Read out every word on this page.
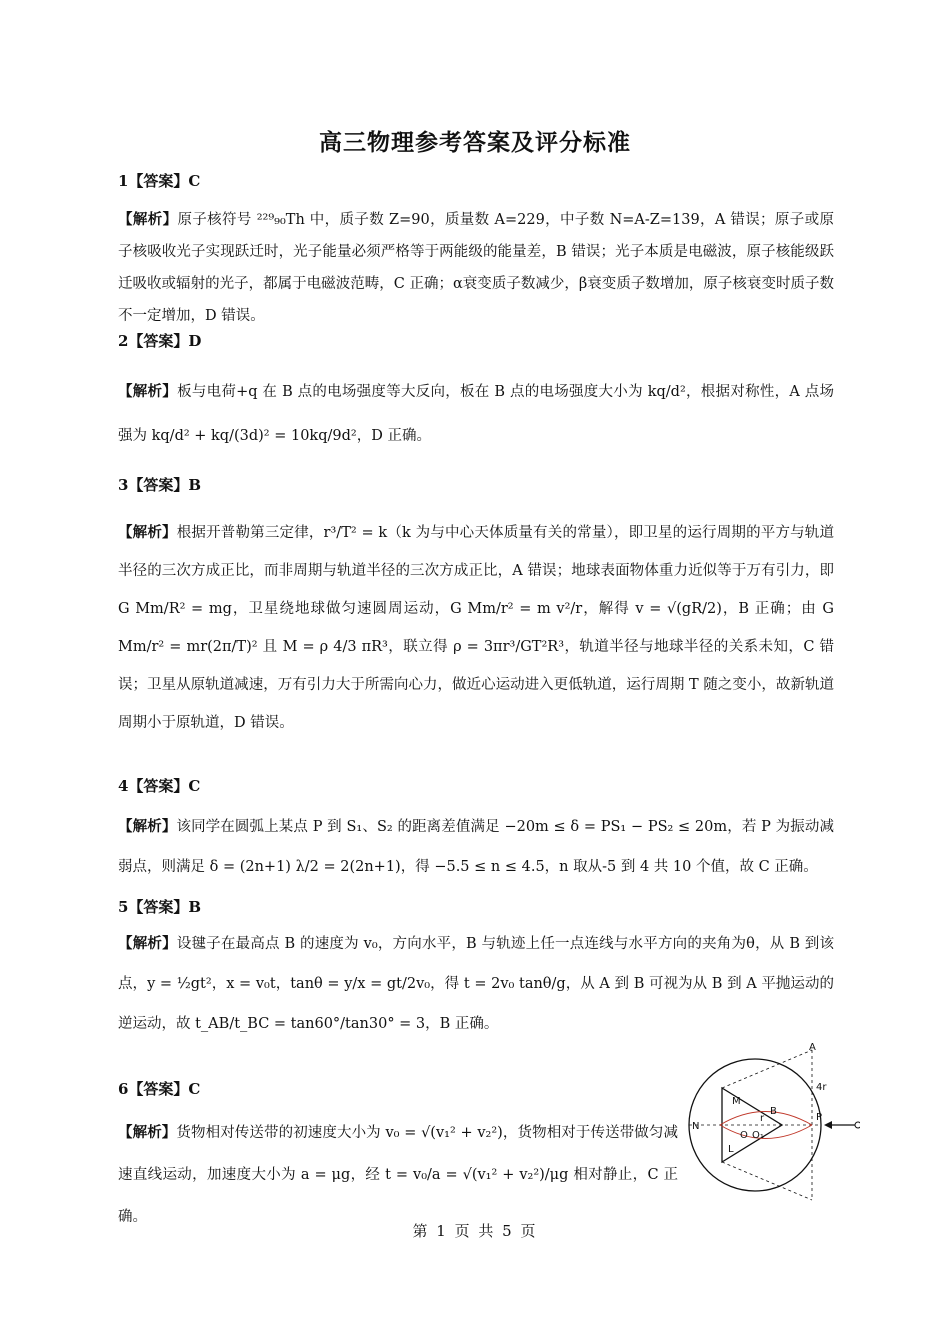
高三物理参考答案及评分标准
1【答案】C
【解析】原子核符号 ²²⁹₉₀Th 中，质子数 Z=90，质量数 A=229，中子数 N=A-Z=139，A 错误；原子或原子核吸收光子实现跃迁时，光子能量必须严格等于两能级的能量差，B 错误；光子本质是电磁波，原子核能级跃迁吸收或辐射的光子，都属于电磁波范畴，C 正确；α衰变质子数减少，β衰变质子数增加，原子核衰变时质子数不一定增加，D 错误。
2【答案】D
【解析】板与电荷+q 在 B 点的电场强度等大反向，板在 B 点的电场强度大小为 kq/d²，根据对称性，A 点场强为 kq/d² + kq/(3d)² = 10kq/9d²，D 正确。
3【答案】B
【解析】根据开普勒第三定律，r³/T² = k（k 为与中心天体质量有关的常量），即卫星的运行周期的平方与轨道半径的三次方成正比，而非周期与轨道半径的三次方成正比，A 错误；地球表面物体重力近似等于万有引力，即 G Mm/R² = mg，卫星绕地球做匀速圆周运动，G Mm/r² = m v²/r，解得 v = √(gR/2)，B 正确；由 G Mm/r² = mr(2π/T)² 且 M = ρ 4/3 πR³，联立得 ρ = 3πr³/GT²R³，轨道半径与地球半径的关系未知，C 错误；卫星从原轨道减速，万有引力大于所需向心力，做近心运动进入更低轨道，运行周期 T 随之变小，故新轨道周期小于原轨道，D 错误。
4【答案】C
【解析】该同学在圆弧上某点 P 到 S₁、S₂ 的距离差值满足 −20m ≤ δ = PS₁ − PS₂ ≤ 20m，若 P 为振动减弱点，则满足 δ = (2n+1) λ/2 = 2(2n+1)，得 −5.5 ≤ n ≤ 4.5，n 取从-5 到 4 共 10 个值，故 C 正确。
5【答案】B
【解析】设毽子在最高点 B 的速度为 v₀，方向水平，B 与轨迹上任一点连线与水平方向的夹角为θ，从 B 到该点，y = ½gt²，x = v₀t，tanθ = y/x = gt/2v₀，得 t = 2v₀ tanθ/g，从 A 到 B 可视为从 B 到 A 平抛运动的逆运动，故 t_AB/t_BC = tan60°/tan30° = 3，B 正确。
6【答案】C
【解析】货物相对传送带的初速度大小为 v₀ = √(v₁² + v₂²)，货物相对于传送带做匀减速直线运动，加速度大小为 a = μg，经 t = v₀/a = √(v₁² + v₂²)/μg 相对静止，C 正确。
A
M
B
N
P
L
4r
r
O O₁
第 1 页 共 5 页
